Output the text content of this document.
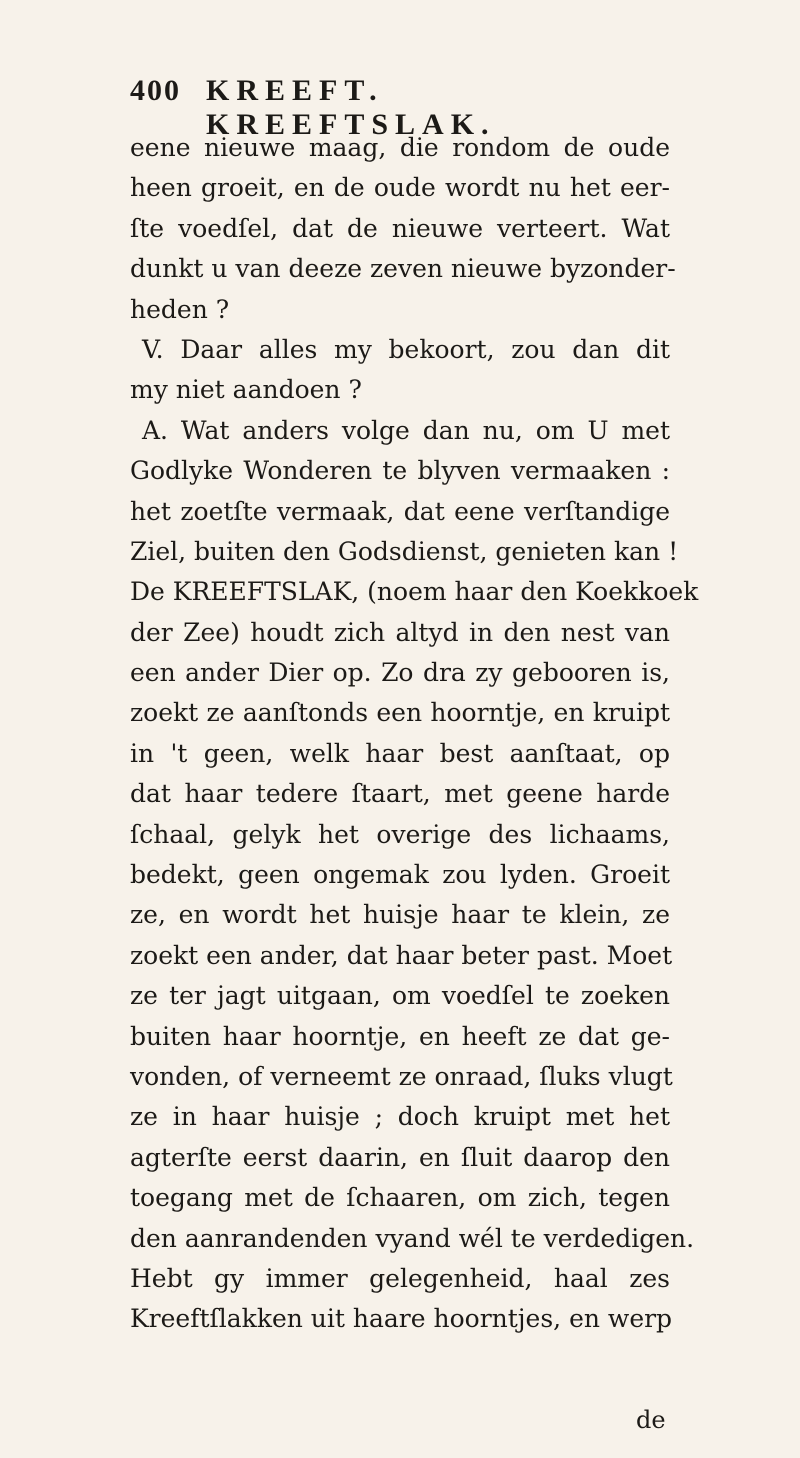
400 KREEFT. KREEFTSLAK.
eene nieuwe maag, die rondom de oude
heen groeit, en de oude wordt nu het eer-
ſte voedſel, dat de nieuwe verteert. Wat
dunkt u van deeze zeven nieuwe byzonder-
heden ?
V. Daar alles my bekoort, zou dan dit
my niet aandoen ?
A. Wat anders volge dan nu, om U met
Godlyke Wonderen te blyven vermaaken :
het zoetſte vermaak, dat eene verſtandige
Ziel, buiten den Godsdienst, genieten kan !
De KREEFTSLAK, (noem haar den Koekkoek
der Zee) houdt zich altyd in den nest van
een ander Dier op. Zo dra zy gebooren is,
zoekt ze aanſtonds een hoorntje, en kruipt
in 't geen, welk haar best aanſtaat, op
dat haar tedere ſtaart, met geene harde
ſchaal, gelyk het overige des lichaams,
bedekt, geen ongemak zou lyden. Groeit
ze, en wordt het huisje haar te klein, ze
zoekt een ander, dat haar beter past. Moet
ze ter jagt uitgaan, om voedſel te zoeken
buiten haar hoorntje, en heeft ze dat ge-
vonden, of verneemt ze onraad, ſluks vlugt
ze in haar huisje ; doch kruipt met het
agterſte eerst daarin, en ſluit daarop den
toegang met de ſchaaren, om zich, tegen
den aanrandenden vyand wél te verdedigen.
Hebt gy immer gelegenheid, haal zes
Kreeftſlakken uit haare hoorntjes, en werp
de
